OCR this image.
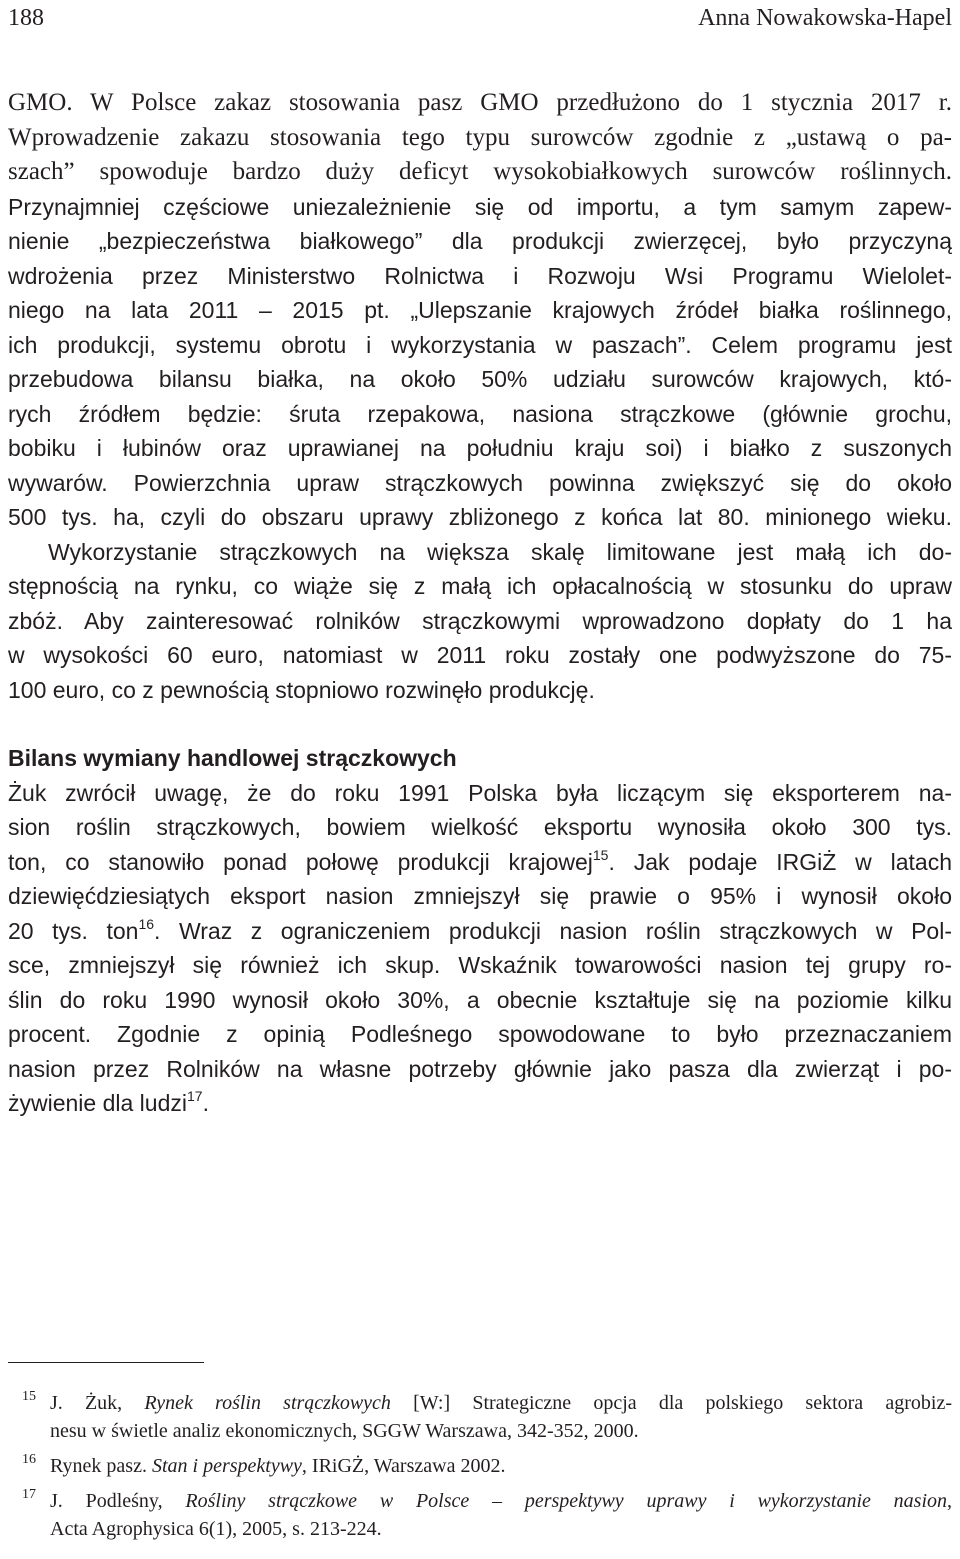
188	Anna Nowakowska-Hapel
GMO. W Polsce zakaz stosowania pasz GMO przedłużono do 1 stycznia 2017 r.
Wprowadzenie zakazu stosowania tego typu surowców zgodnie z „ustawą o pa-
szach” spowoduje bardzo duży deficyt wysokobiałkowych surowców roślinnych.
Przynajmniej częściowe uniezależnienie się od importu, a tym samym zapew-
nienie „bezpieczeństwa białkowego” dla produkcji zwierzęcej, było przyczyną
wdrożenia przez Ministerstwo Rolnictwa i Rozwoju Wsi Programu Wielolet-
niego na lata 2011 – 2015 pt. „Ulepszanie krajowych źródeł białka roślinnego,
ich produkcji, systemu obrotu i wykorzystania w paszach”. Celem programu jest
przebudowa bilansu białka, na około 50% udziału surowców krajowych, któ-
rych źródłem będzie: śruta rzepakowa, nasiona strączkowe (głównie grochu,
bobiku i łubinów oraz uprawianej na południu kraju soi) i białko z suszonych
wywarów. Powierzchnia upraw strączkowych powinna zwiększyć się do około
500 tys. ha, czyli do obszaru uprawy zbliżonego z końca lat 80. minionego wieku.
Wykorzystanie strączkowych na większa skalę limitowane jest małą ich do-
stępnością na rynku, co wiąże się z małą ich opłacalnością w stosunku do upraw
zbóż. Aby zainteresować rolników strączkowymi wprowadzono dopłaty do 1 ha
w wysokości 60 euro, natomiast w 2011 roku zostały one podwyższone do 75-
100 euro, co z pewnością stopniowo rozwinęło produkcję.
Bilans wymiany handlowej strączkowych
Żuk zwrócił uwagę, że do roku 1991 Polska była liczącym się eksporterem na-
sion roślin strączkowych, bowiem wielkość eksportu wynosiła około 300 tys.
ton, co stanowiło ponad połowę produkcji krajowej$^{15}$. Jak podaje IRGiŻ w latach
dziewięćdziesiątych eksport nasion zmniejszył się prawie o 95% i wynosił około
20 tys. ton$^{16}$. Wraz z ograniczeniem produkcji nasion roślin strączkowych w Pol-
sce, zmniejszył się również ich skup. Wskaźnik towarowości nasion tej grupy ro-
ślin do roku 1990 wynosił około 30%, a obecnie kształtuje się na poziomie kilku
procent. Zgodnie z opinią Podleśnego spowodowane to było przeznaczaniem
nasion przez Rolników na własne potrzeby głównie jako pasza dla zwierząt i po-
żywienie dla ludzi$^{17}$.
15 J. Żuk, Rynek roślin strączkowych [W:] Strategiczne opcja dla polskiego sektora agrobiz-
nesu w świetle analiz ekonomicznych, SGGW Warszawa, 342-352, 2000.
16 Rynek pasz. Stan i perspektywy, IRiGŻ, Warszawa 2002.
17 J. Podleśny, Rośliny strączkowe w Polsce – perspektywy uprawy i wykorzystanie nasion,
Acta Agrophysica 6(1), 2005, s. 213-224.
